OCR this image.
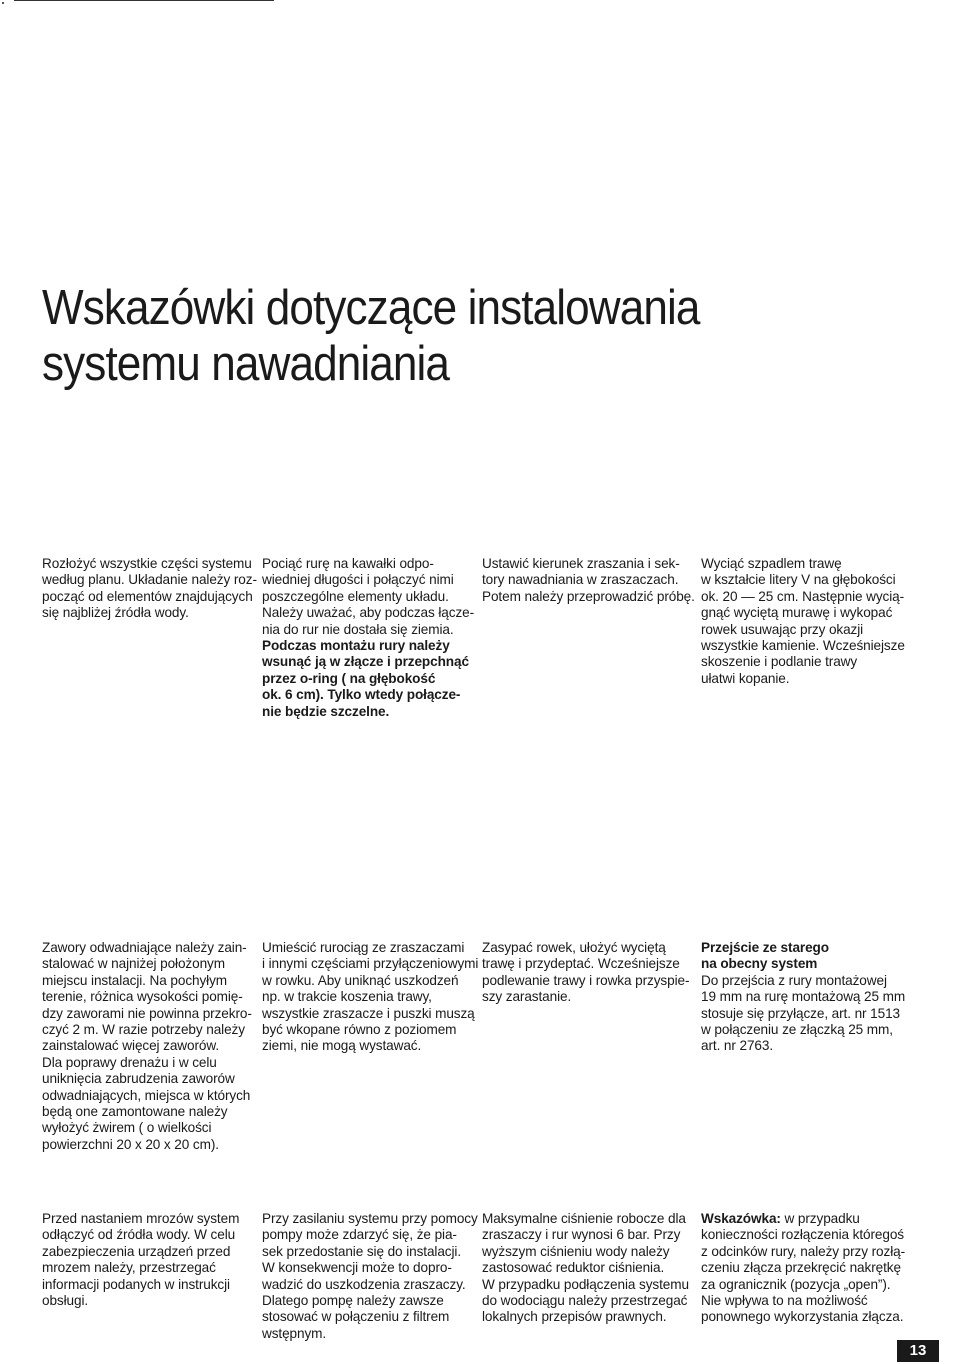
Wskazówki dotyczące instalowania
systemu nawadniania

Rozłożyć wszystkie części systemu
według planu. Układanie należy roz-
począć od elementów znajdujących
się najbliżej źródła wody.

Pociąć rurę na kawałki odpo-
wiedniej długości i połączyć nimi
poszczególne elementy układu.
Należy uważać, aby podczas łącze-
nia do rur nie dostała się ziemia.
Podczas montażu rury należy
wsunąć ją w złącze i przepchnąć
przez o-ring ( na głębokość
ok. 6 cm). Tylko wtedy połącze-
nie będzie szczelne.

Ustawić kierunek zraszania i sek-
tory nawadniania w zraszaczach.
Potem należy przeprowadzić próbę.

Wyciąć szpadlem trawę
w kształcie litery V na głębokości
ok. 20 — 25 cm. Następnie wycią-
gnąć wyciętą murawę i wykopać
rowek usuwając przy okazji
wszystkie kamienie. Wcześniejsze
skoszenie i podlanie trawy
ułatwi kopanie.

Zawory odwadniające należy zain-
stalować w najniżej położonym
miejscu instalacji. Na pochyłym
terenie, różnica wysokości pomię-
dzy zaworami nie powinna przekro-
czyć 2 m. W razie potrzeby należy
zainstalować więcej zaworów.
Dla poprawy drenażu i w celu
uniknięcia zabrudzenia zaworów
odwadniających, miejsca w których
będą one zamontowane należy
wyłożyć żwirem ( o wielkości
powierzchni 20 x 20 x 20 cm).

Umieścić rurociąg ze zraszaczami
i innymi częściami przyłączeniowymi
w rowku. Aby uniknąć uszkodzeń
np. w trakcie koszenia trawy,
wszystkie zraszacze i puszki muszą
być wkopane równo z poziomem
ziemi, nie mogą wystawać.

Zasypać rowek, ułożyć wyciętą
trawę i przydeptać. Wcześniejsze
podlewanie trawy i rowka przyspie-
szy zarastanie.

Przejście ze starego
na obecny system
Do przejścia z rury montażowej
19 mm na rurę montażową 25 mm
stosuje się przyłącze, art. nr 1513
w połączeniu ze złączką 25 mm,
art. nr 2763.

Przed nastaniem mrozów system
odłączyć od źródła wody. W celu
zabezpieczenia urządzeń przed
mrozem należy, przestrzegać
informacji podanych w instrukcji
obsługi.

Przy zasilaniu systemu przy pomocy
pompy może zdarzyć się, że pia-
sek przedostanie się do instalacji.
W konsekwencji może to dopro-
wadzić do uszkodzenia zraszaczy.
Dlatego pompę należy zawsze
stosować w połączeniu z filtrem
wstępnym.

Maksymalne ciśnienie robocze dla
zraszaczy i rur wynosi 6 bar. Przy
wyższym ciśnieniu wody należy
zastosować reduktor ciśnienia.
W przypadku podłączenia systemu
do wodociągu należy przestrzegać
lokalnych przepisów prawnych.

Wskazówka: w przypadku
konieczności rozłączenia któregoś
z odcinków rury, należy przy rozłą-
czeniu złącza przekręcić nakrętkę
za ogranicznik (pozycja „open”).
Nie wpływa to na możliwość
ponownego wykorzystania złącza.

13
